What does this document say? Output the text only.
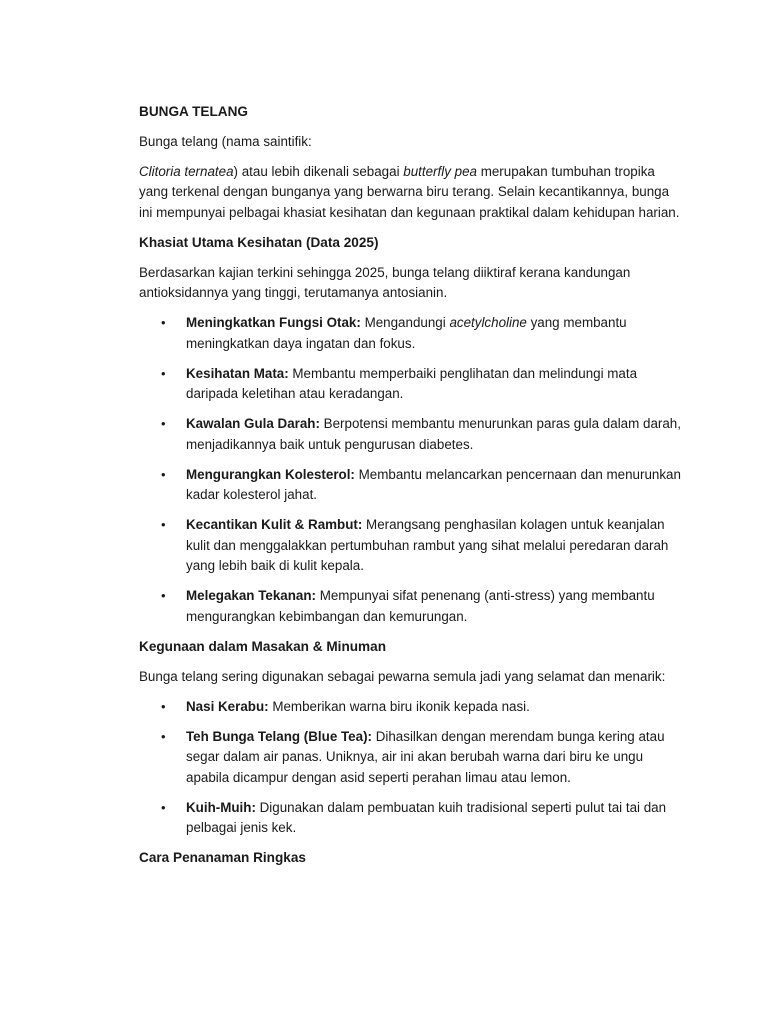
BUNGA TELANG
Bunga telang (nama saintifik:
Clitoria ternatea) atau lebih dikenali sebagai butterfly pea merupakan tumbuhan tropika yang terkenal dengan bunganya yang berwarna biru terang. Selain kecantikannya, bunga ini mempunyai pelbagai khasiat kesihatan dan kegunaan praktikal dalam kehidupan harian.
Khasiat Utama Kesihatan (Data 2025)
Berdasarkan kajian terkini sehingga 2025, bunga telang diiktiraf kerana kandungan antioksidannya yang tinggi, terutamanya antosianin.
• Meningkatkan Fungsi Otak: Mengandungi acetylcholine yang membantu meningkatkan daya ingatan dan fokus.
• Kesihatan Mata: Membantu memperbaiki penglihatan dan melindungi mata daripada keletihan atau keradangan.
• Kawalan Gula Darah: Berpotensi membantu menurunkan paras gula dalam darah, menjadikannya baik untuk pengurusan diabetes.
• Mengurangkan Kolesterol: Membantu melancarkan pencernaan dan menurunkan kadar kolesterol jahat.
• Kecantikan Kulit & Rambut: Merangsang penghasilan kolagen untuk keanjalan kulit dan menggalakkan pertumbuhan rambut yang sihat melalui peredaran darah yang lebih baik di kulit kepala.
• Melegakan Tekanan: Mempunyai sifat penenang (anti-stress) yang membantu mengurangkan kebimbangan dan kemurungan.
Kegunaan dalam Masakan & Minuman
Bunga telang sering digunakan sebagai pewarna semula jadi yang selamat dan menarik:
• Nasi Kerabu: Memberikan warna biru ikonik kepada nasi.
• Teh Bunga Telang (Blue Tea): Dihasilkan dengan merendam bunga kering atau segar dalam air panas. Uniknya, air ini akan berubah warna dari biru ke ungu apabila dicampur dengan asid seperti perahan limau atau lemon.
• Kuih-Muih: Digunakan dalam pembuatan kuih tradisional seperti pulut tai tai dan pelbagai jenis kek.
Cara Penanaman Ringkas
